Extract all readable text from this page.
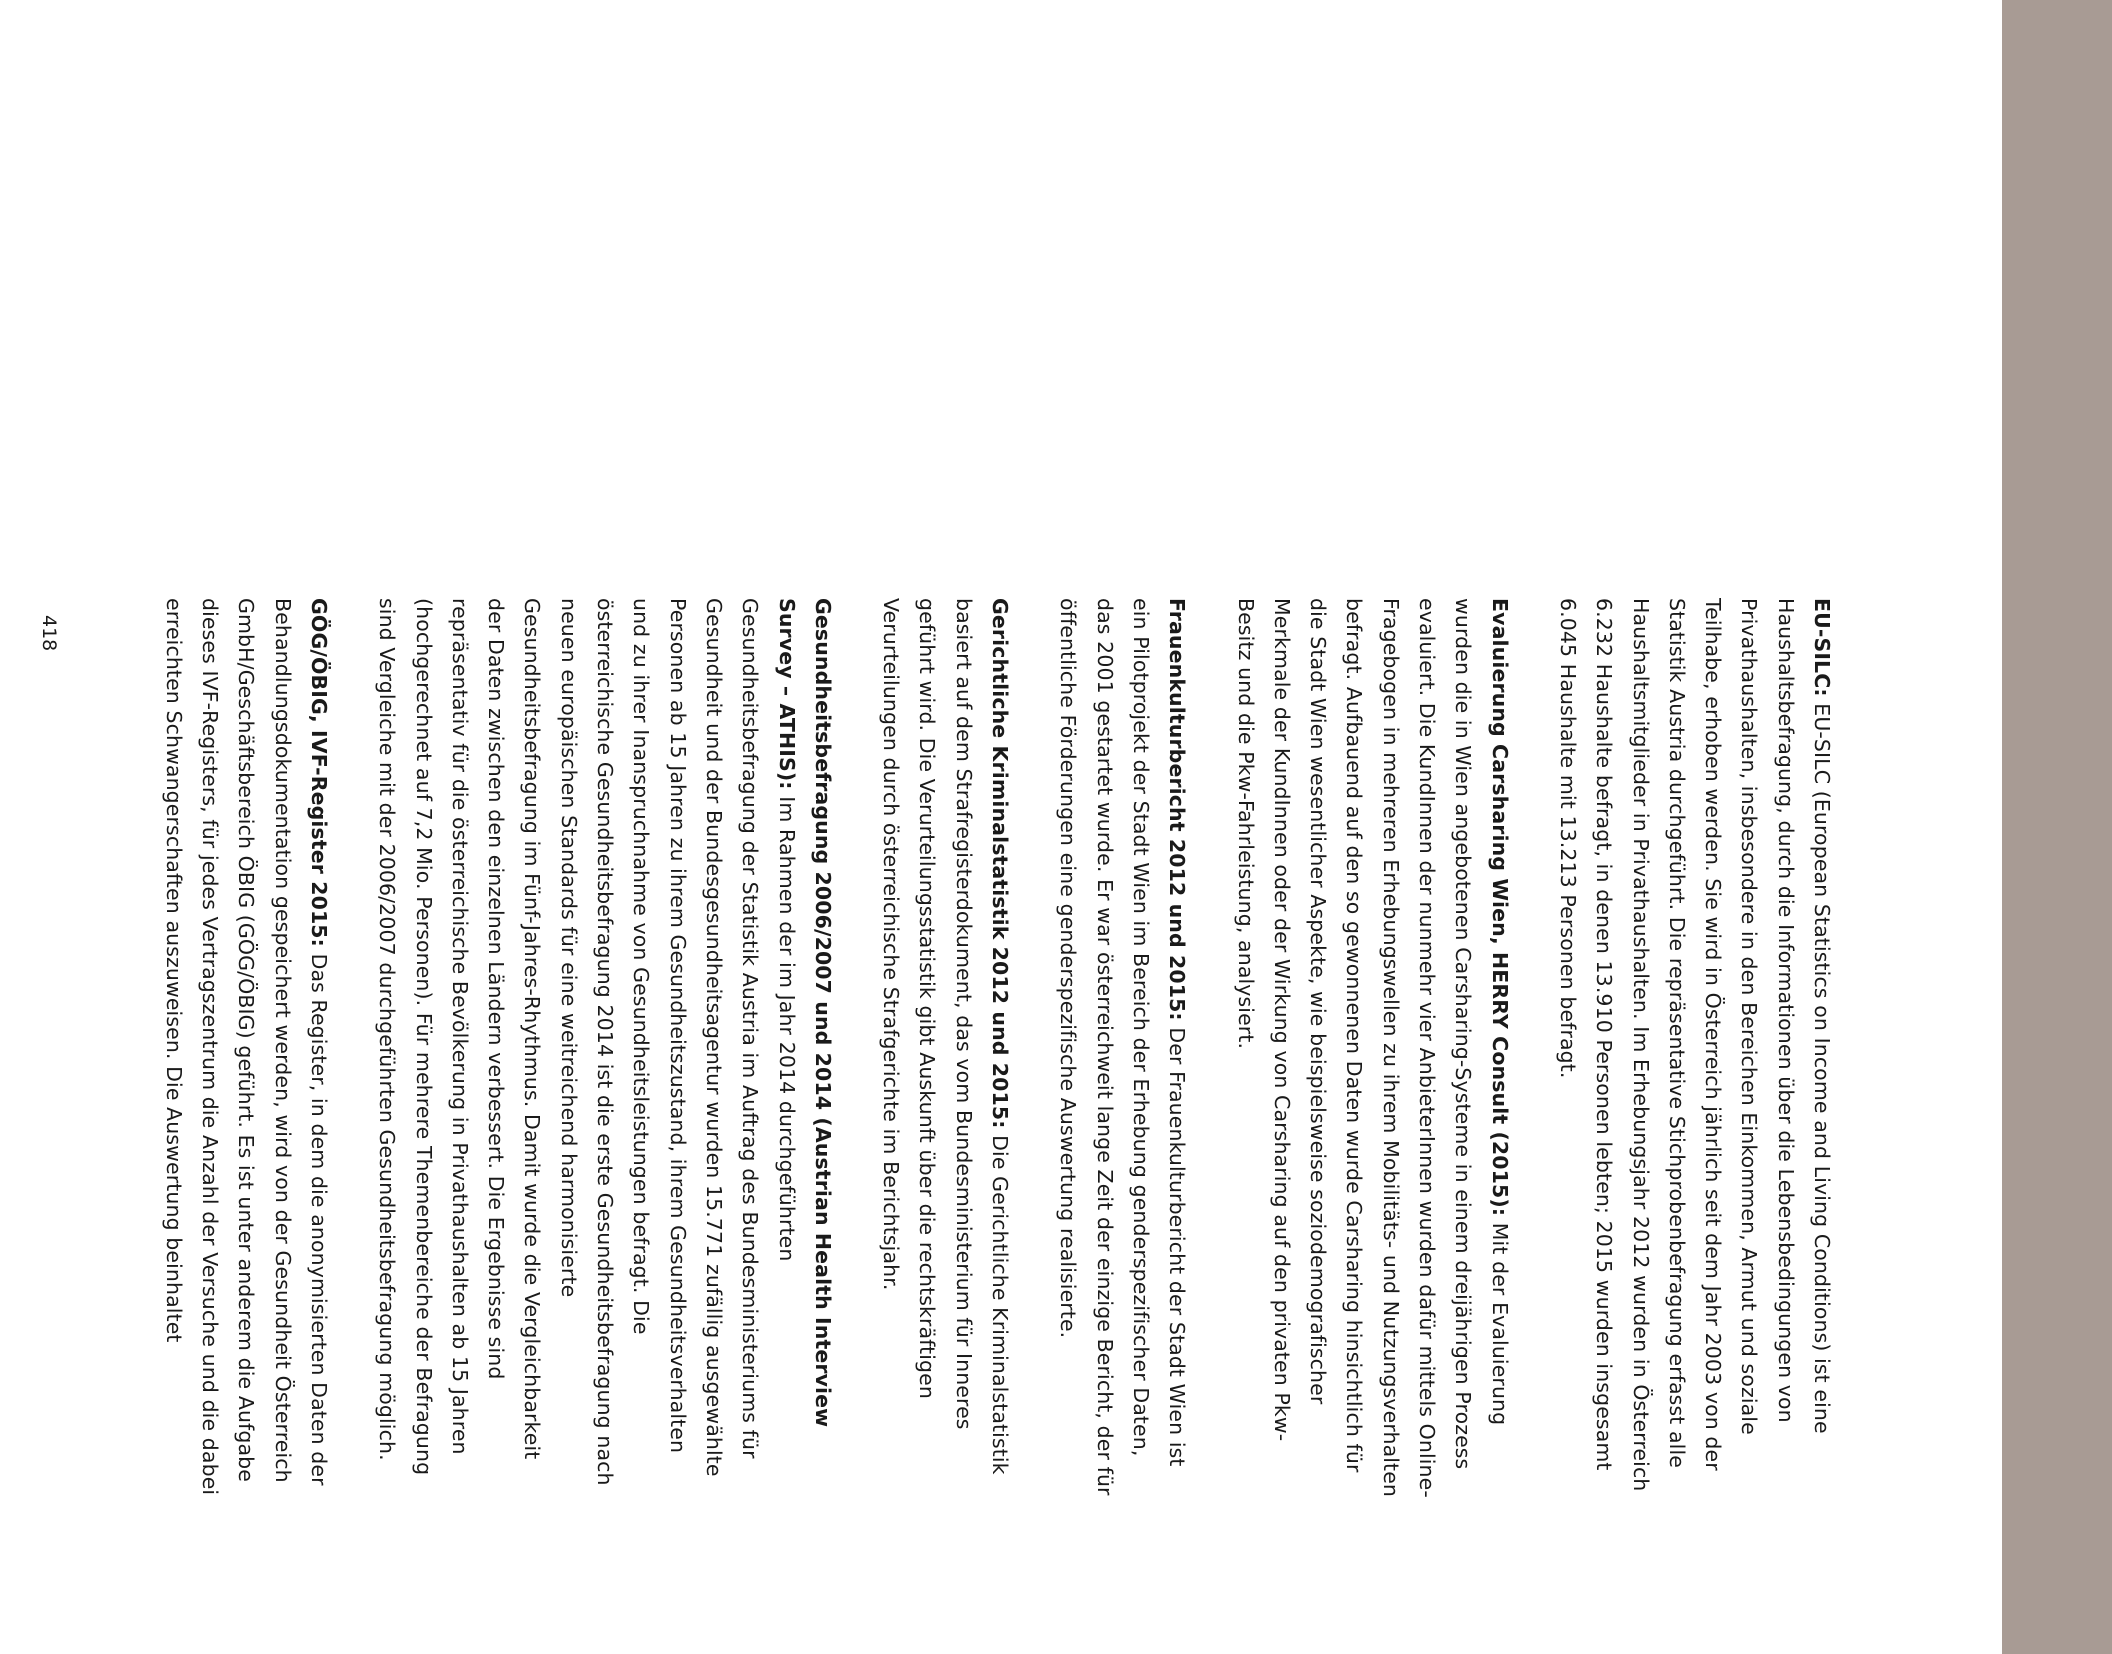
EU-SILC: EU-SILC (European Statistics on Income and Living Conditions) ist eine Haushaltsbefragung, durch die Informationen über die Lebensbedingungen von Privathaushalten, insbesondere in den Bereichen Einkommen, Armut und soziale Teilhabe, erhoben werden. Sie wird in Österreich jährlich seit dem Jahr 2003 von der Statistik Austria durchgeführt. Die repräsentative Stichprobenbefragung erfasst alle Haushaltsmitglieder in Privathaushalten. Im Erhebungsjahr 2012 wurden in Österreich 6.232 Haushalte befragt, in denen 13.910 Personen lebten; 2015 wurden insgesamt 6.045 Haushalte mit 13.213 Personen befragt.

Evaluierung Carsharing Wien, HERRY Consult (2015): Mit der Evaluierung wurden die in Wien angebotenen Carsharing-Systeme in einem dreijährigen Prozess evaluiert. Die KundInnen der nunmehr vier AnbieterInnen wurden dafür mittels Online-Fragebogen in mehreren Erhebungswellen zu ihrem Mobilitäts- und Nutzungsverhalten befragt. Aufbauend auf den so gewonnenen Daten wurde Carsharing hinsichtlich für die Stadt Wien wesentlicher Aspekte, wie beispielsweise soziodemografischer Merkmale der KundInnen oder der Wirkung von Carsharing auf den privaten Pkw-Besitz und die Pkw-Fahrleistung, analysiert.

Frauenkulturbericht 2012 und 2015: Der Frauenkulturbericht der Stadt Wien ist ein Pilotprojekt der Stadt Wien im Bereich der Erhebung genderspezifischer Daten, das 2001 gestartet wurde. Er war österreichweit lange Zeit der einzige Bericht, der für öffentliche Förderungen eine genderspezifische Auswertung realisierte.

Gerichtliche Kriminalstatistik 2012 und 2015: Die Gerichtliche Kriminalstatistik basiert auf dem Strafregisterdokument, das vom Bundesministerium für Inneres geführt wird. Die Verurteilungsstatistik gibt Auskunft über die rechtskräftigen Verurteilungen durch österreichische Strafgerichte im Berichtsjahr.

Gesundheitsbefragung 2006/2007 und 2014 (Austrian Health Interview Survey – ATHIS): Im Rahmen der im Jahr 2014 durchgeführten Gesundheitsbefragung der Statistik Austria im Auftrag des Bundesministeriums für Gesundheit und der Bundesgesundheitsagentur wurden 15.771 zufällig ausgewählte Personen ab 15 Jahren zu ihrem Gesundheitszustand, ihrem Gesundheitsverhalten und zu ihrer Inanspruchnahme von Gesundheitsleistungen befragt. Die österreichische Gesundheitsbefragung 2014 ist die erste Gesundheitsbefragung nach neuen europäischen Standards für eine weitreichend harmonisierte Gesundheitsbefragung im Fünf-Jahres-Rhythmus. Damit wurde die Vergleichbarkeit der Daten zwischen den einzelnen Ländern verbessert. Die Ergebnisse sind repräsentativ für die österreichische Bevölkerung in Privathaushalten ab 15 Jahren (hochgerechnet auf 7,2 Mio. Personen). Für mehrere Themenbereiche der Befragung sind Vergleiche mit der 2006/2007 durchgeführten Gesundheitsbefragung möglich.

GÖG/ÖBIG, IVF-Register 2015: Das Register, in dem die anonymisierten Daten der Behandlungsdokumentation gespeichert werden, wird von der Gesundheit Österreich GmbH/Geschäftsbereich ÖBIG (GÖG/ÖBIG) geführt. Es ist unter anderem die Aufgabe dieses IVF-Registers, für jedes Vertragszentrum die Anzahl der Versuche und die dabei erreichten Schwangerschaften auszuweisen. Die Auswertung beinhaltet

418
